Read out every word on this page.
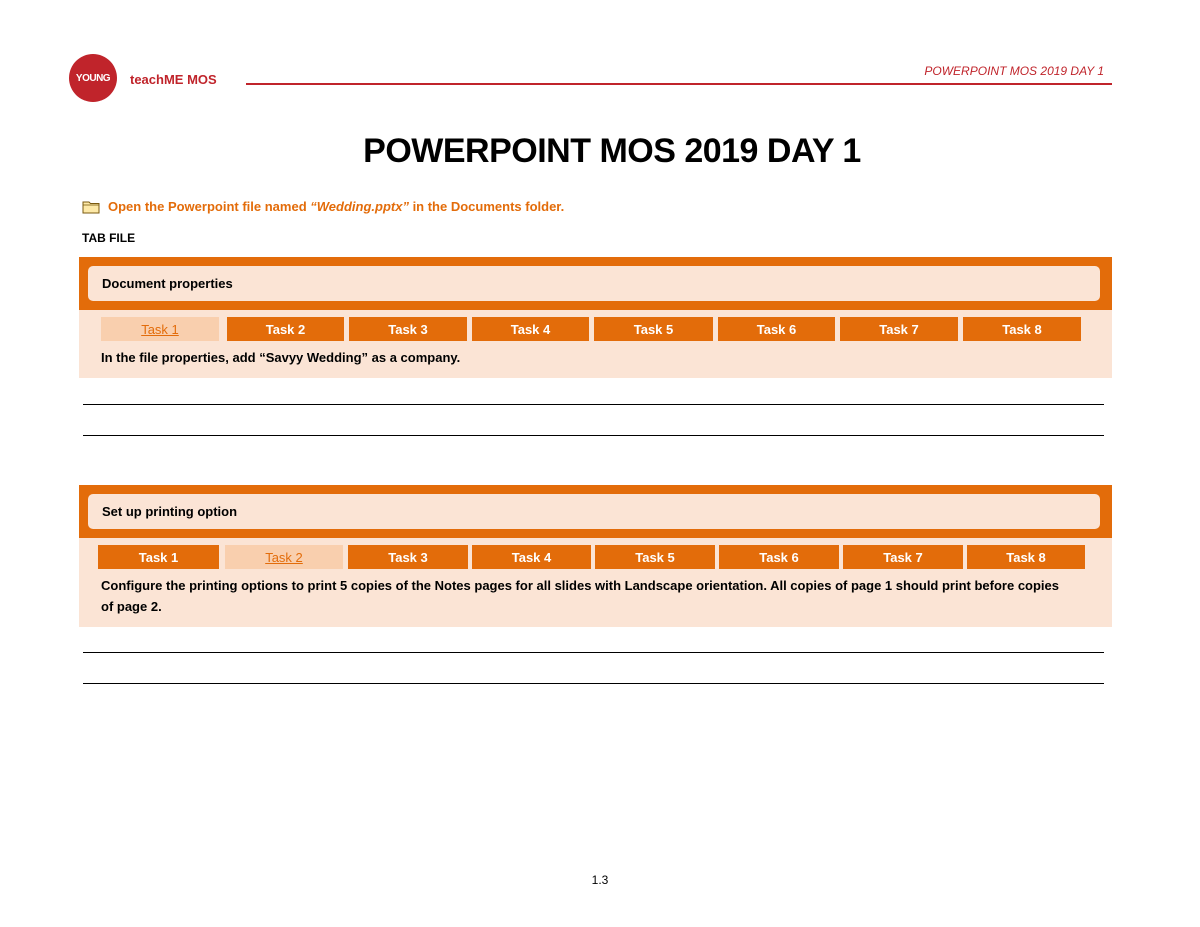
YOUNG teachME MOS
POWERPOINT MOS 2019 DAY 1
POWERPOINT MOS 2019 DAY 1
Open the Powerpoint file named “Wedding.pptx” in the Documents folder.
TAB FILE
Document properties
Task 1	Task 2	Task 3	Task 4	Task 5	Task 6	Task 7	Task 8
In the file properties, add “Savyy Wedding” as a company.
Set up printing option
Task 1	Task 2	Task 3	Task 4	Task 5	Task 6	Task 7	Task 8
Configure the printing options to print 5 copies of the Notes pages for all slides with Landscape orientation. All copies of page 1 should print before copies of page 2.
1.3
